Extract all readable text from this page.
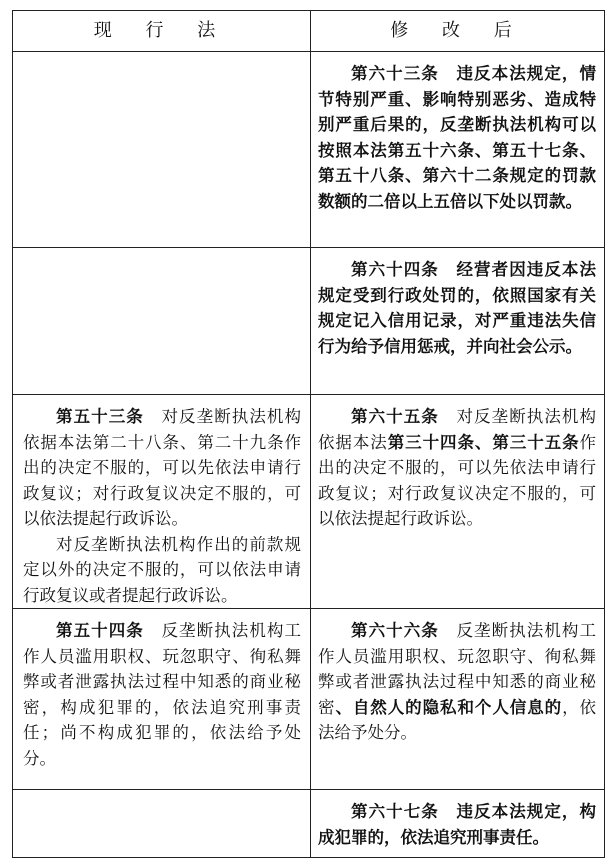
现 行 法	修 改 后

第六十三条　 违反本法规定，情节特别严重、影响特别恶劣、造成特别严重后果的，反垄断执法机构可以按照本法第五十六条、第五十七条、第五十八条、第六十二条规定的罚款数额的二倍以上五倍以下处以罚款。

第六十四条　 经营者因违反本法规定受到行政处罚的，依照国家有关规定记入信用记录，对严重违法失信行为给予信用惩戒，并向社会公示。

第五十三条　 对反垄断执法机构依据本法第二十八条、第二十九条作出的决定不服的，可以先依法申请行政复议；对行政复议决定不服的，可以依法提起行政诉讼。

对反垄断执法机构作出的前款规定以外的决定不服的，可以依法申请行政复议或者提起行政诉讼。

第六十五条　 对反垄断执法机构依据本法第三十四条、第三十五条作出的决定不服的，可以先依法申请行政复议；对行政复议决定不服的，可以依法提起行政诉讼。

第五十四条　 反垄断执法机构工作人员滥用职权、玩忽职守、徇私舞弊或者泄露执法过程中知悉的商业秘密，构成犯罪的，依法追究刑事责任；尚不构成犯罪的，依法给予处分。

第六十六条　 反垄断执法机构工作人员滥用职权、玩忽职守、徇私舞弊或者泄露执法过程中知悉的商业秘密、自然人的隐私和个人信息的，依法给予处分。

第六十七条　 违反本法规定，构成犯罪的，依法追究刑事责任。
